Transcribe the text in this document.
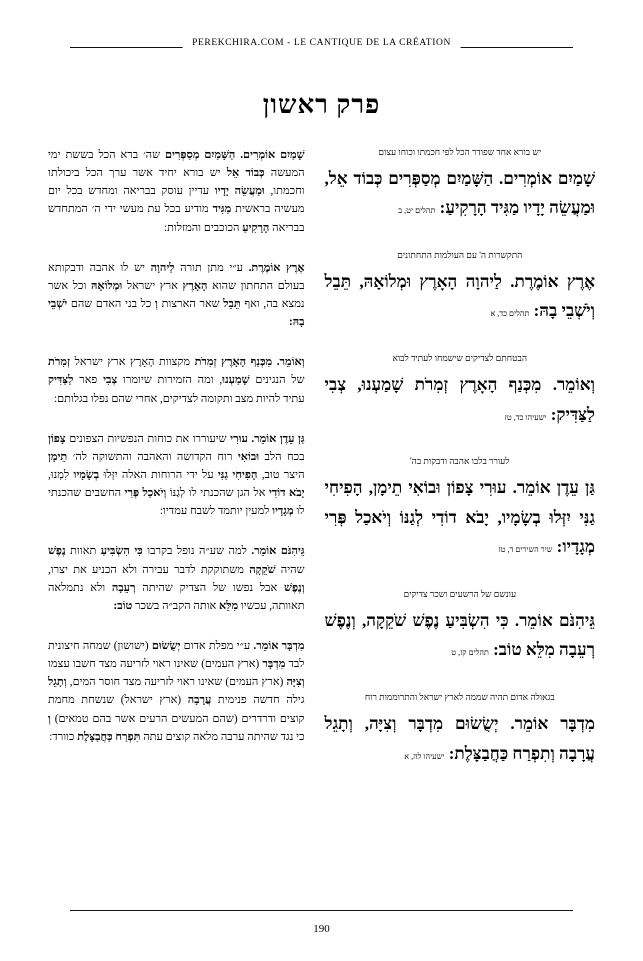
PEREKCHIRA.COM - LE CANTIQUE DE LA CRÉATION
פרק ראשון
יש בורא אחד שפודר הכל לפי חכמתו וכוחו עצום
שָׁמַיִם אוֹמְרִים. הַשָּׁמַיִם מְסַפְּרִים כְּבוֹד אֵל, וּמַעֲשֵׂה יָדָיו מַגִּיד הָרָקִיעַ: תהלים יט, ב
התקשרות ה' עם העולמות התחתונים
אֶרֶץ אוֹמֶרֶת. לַיהוָה הָאָרֶץ וּמְלוֹאָהּ, תֵּבֵל וְיֹשְׁבֵי בָהּ: תהלים כד, א
הבטחתם לצדיקים שישמחו לעתיד לבוא
וְאוֹמֵר. מִכְּנַף הָאָרֶץ זְמִרֹת שָׁמַעְנוּ, צְבִי לַצַּדִּיק: ישעיהו כד, טז
לעורר בלבו אהבה ודבקות בה'
גַּן עֵדֶן אוֹמֵר. עוּרִי צָפוֹן וּבוֹאִי תֵימָן, הָפִיחִי גַנִּי יִזְּלוּ בְשָׂמָיו, יָבֹא דוֹדִי לְגַנּוֹ וְיֹאכַל פְּרִי מְגָדָיו: שיר השירים ד, טז
עונשם של הרשעים ושכר צדיקים
גֵּיהִנֹּם אוֹמֵר. כִּי הִשְׂבִּיעַ נֶפֶשׁ שֹׁקֵקָה, וְנֶפֶשׁ רְעֵבָה מִלֵּא טוֹב: תהלים קז, ט
בגאולה אדום תהיה שממה לארץ ישראל והתרוממות רוח
מִדְבָּר אוֹמֵר. יְשֻׂשׂוּם מִדְבָּר וְצִיָּה, וְתָגֵל עֲרָבָה וְתִפְרַח כַּחֲבַצָּלֶת: ישעיהו לה, א
שָׁמַיִם אוֹמְרִים. הַשָּׁמַיִם מְסַפְּרִים שה׳ ברא הכל בששת ימי המעשה כְּבוֹד אֵל יש בורא יחיד אשר ערך הכל ביכולתו וחכמתו, וּמַעֲשֵׂה יָדָיו עדיין עוסק בבריאה ומחדש בכל יום מעשיה בראשית מַגִּיד מודיע בכל עת מעשי ידי ה׳ המתחדש בבריאה הָרָקִיעַ הכוכבים והמזלות:
אֶרֶץ אוֹמֶרֶת. ע״י מתן תורה לַיהוָה יש לו אהבה ודבקותא בעולם התחתון שהוא הָאָרֶץ ארץ ישראל וּמְלוֹאָהּ וכל אשר נמצא בה, ואף תֵּבֵל שאר הארצות וְ כל בני האדם שהם יֹשְׁבֵי בָהּ:
וְאוֹמֵר. מִכְּנַף הָאָרֶץ זְמִרֹת מקצוות הָאָרֶץ ארץ ישראל זְמִרֹת של הנגינים שָׁמַעְנוּ, ומה הזמירות שיומרו צְבִי פאר לַצַּדִּיק עתיד להיות מצב ותקומה לצדיקים, אחרי שהם נפלו בגלותם:
גַּן עֵדֶן אוֹמֵר. עוּרִי שיעוררו את כוחות הנפשיות הצפונים צָפוֹן בכח הלב וּבוֹאִי רוח הקדושה והאהבה והתשוקה לה׳ תֵימָן היצר טוב, הָפִיחִי גַנִּי על ידי הרוחות האלה יִזְּלוּ בְשָׂמָיו לִמְנוּ, יָבֹא דוֹדִי אל הגן שהכנתי לו לְגַנּוֹ וְיֹאכַל פְּרִי החשבים שהכנתי לו מְגָדָיו למעין יותמד לשבח עמדיו:
גֵּיהִנֹּם אוֹמֵר. למה שע״ה נופל בקרבו כִּי הִשְׂבִּיעַ תאוות נֶפֶשׁ שהיה שֹׁקֵקָה משתוקקת לדבר עבירה ולא הכניע את יצרו, וְנֶפֶשׁ אבל נפשו של הצדיק שהיתה רְעֵבָה ולא נתמלאה תאוותה, עכשיו מִלֵּא אותה הקב״ה בשכר טוֹב:
מִדְבָּר אוֹמֵר. ע״י מפלת אדום יְשֻׂשׂוּם (ישושון) שמחה חיצונית לבד מִדְבָּר (ארץ העמים) שאינו ראוי לזריעה מצד חשבו עצמו וְצִיָּה (ארץ העמים) שאינו ראוי לזריעה מצד חוסר המים, וְתָגֵל גילה חדשה פנימית עֲרָבָה (ארץ ישראל) שנשחת מחמת קוצים ודרדרים (שהם המעשים הרעים אשר בהם טמאים) וְ כי נגד שהיתה ערבה מלאה קוצים עתה תִּפְרַח כַּחֲבַצָּלֶת כוורד:
190
